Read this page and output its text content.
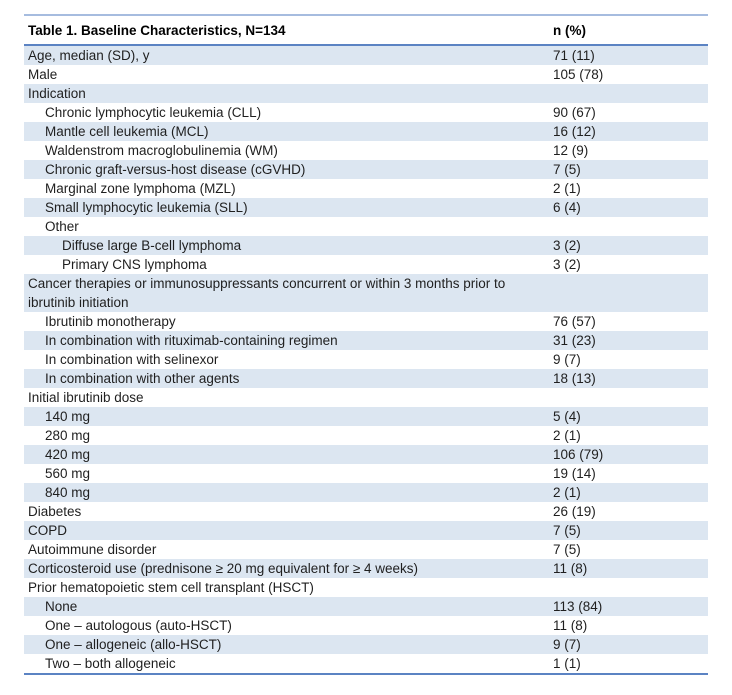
Table 1. Baseline Characteristics, N=134	n (%)
Age, median (SD), y	71 (11)
Male	105 (78)
Indication	
Chronic lymphocytic leukemia (CLL)	90 (67)
Mantle cell leukemia (MCL)	16 (12)
Waldenstrom macroglobulinemia (WM)	12 (9)
Chronic graft-versus-host disease (cGVHD)	7 (5)
Marginal zone lymphoma (MZL)	2 (1)
Small lymphocytic leukemia (SLL)	6 (4)
Other	
Diffuse large B-cell lymphoma	3 (2)
Primary CNS lymphoma	3 (2)
Cancer therapies or immunosuppressants concurrent or within 3 months prior to ibrutinib initiation	
Ibrutinib monotherapy	76 (57)
In combination with rituximab-containing regimen	31 (23)
In combination with selinexor	9 (7)
In combination with other agents	18 (13)
Initial ibrutinib dose	
140 mg	5 (4)
280 mg	2 (1)
420 mg	106 (79)
560 mg	19 (14)
840 mg	2 (1)
Diabetes	26 (19)
COPD	7 (5)
Autoimmune disorder	7 (5)
Corticosteroid use (prednisone ≥ 20 mg equivalent for ≥ 4 weeks)	11 (8)
Prior hematopoietic stem cell transplant (HSCT)	
None	113 (84)
One – autologous (auto-HSCT)	11 (8)
One – allogeneic (allo-HSCT)	9 (7)
Two – both allogeneic	1 (1)
